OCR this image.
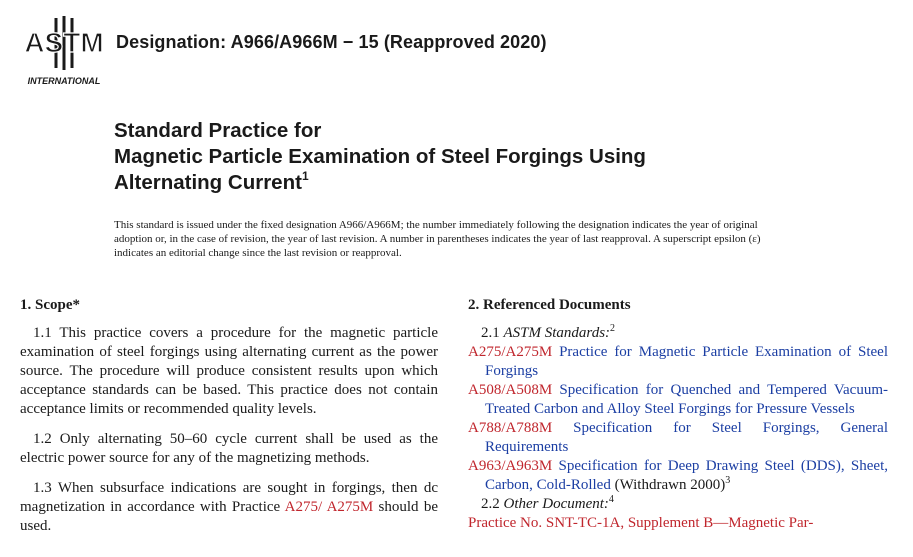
ASTM
INTERNATIONAL
Designation: A966/A966M − 15 (Reapproved 2020)
Standard Practice for
Magnetic Particle Examination of Steel Forgings Using
Alternating Current$^1$
This standard is issued under the fixed designation A966/A966M; the number immediately following the designation indicates the year of original adoption or, in the case of revision, the year of last revision. A number in parentheses indicates the year of last reapproval. A superscript epsilon (ε) indicates an editorial change since the last revision or reapproval.
1. Scope*

1.1 This practice covers a procedure for the magnetic particle examination of steel forgings using alternating current as the power source. The procedure will produce consistent results upon which acceptance standards can be based. This practice does not contain acceptance limits or recommended quality levels.

1.2 Only alternating 50–60 cycle current shall be used as the electric power source for any of the magnetizing methods.

1.3 When subsurface indications are sought in forgings, then dc magnetization in accordance with Practice A275/ A275M should be used.

2. Referenced Documents

2.1 ASTM Standards:$^2$

A275/A275M Practice for Magnetic Particle Examination of Steel Forgings

A508/A508M Specification for Quenched and Tempered Vacuum-Treated Carbon and Alloy Steel Forgings for Pressure Vessels

A788/A788M Specification for Steel Forgings, General Requirements

A963/A963M Specification for Deep Drawing Steel (DDS), Sheet, Carbon, Cold-Rolled (Withdrawn 2000)$^3$

2.2 Other Document:$^4$

Practice No. SNT-TC-1A, Supplement B—Magnetic Par-
